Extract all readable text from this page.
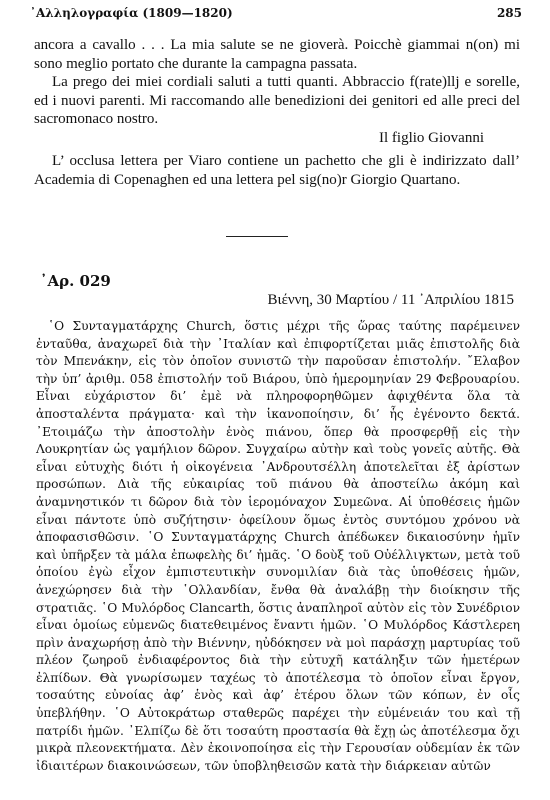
᾿Αλληλογραφία (1809—1820)	285

ancora a cavallo . . . La mia salute se ne gioverà. Poicchè giammai n(on) mi sono meglio portato che durante la campagna passata.

La prego dei miei cordiali saluti a tutti quanti. Abbraccio f(rate)llj e sorelle, ed i nuovi parenti. Mi raccomando alle benedizioni dei genitori ed alle preci del sacromonaco nostro.

Il figlio Giovanni

L’ occlusa lettera per Viaro contiene un pachetto che gli è indirizzato dall’ Academia di Copenaghen ed una lettera pel sig(no)r Giorgio Quartano.

᾿Αρ. 029
Βιέννη, 30 Μαρτίου / 11 ᾿Απριλίου 1815

῾Ο Συνταγματάρχης Church, ὅστις μέχρι τῆς ὥρας ταύτης παρέμεινεν ἐνταῦθα, ἀναχωρεῖ διὰ τὴν ᾿Ιταλίαν καὶ ἐπιφορτίζεται μιᾶς ἐπιστολῆς διὰ τὸν Μπενάκην, εἰς τὸν ὁποῖον συνιστῶ τὴν παροῦσαν ἐπιστολήν. ῎Ελαβον τὴν ὑπ’ ἀριθμ. 058 ἐπιστολήν τοῦ Βιάρου, ὑπὸ ἡμερομηνίαν 29 Φεβρουαρίου. Εἶναι εὐχάριστον δι’ ἐμὲ νὰ πληροφορηθῶμεν ἀφιχθέντα ὅλα τὰ ἀποσταλέντα πράγματα· καὶ τὴν ἱκανοποίησιν, δι’ ἧς ἐγένοντο δεκτά. ᾿Ετοιμάζω τὴν ἀποστολὴν ἑνὸς πιάνου, ὅπερ θὰ προσφερθῇ εἰς τὴν Λουκρητίαν ὡς γαμήλιον δῶρον. Συγχαίρω αὐτὴν καὶ τοὺς γονεῖς αὐτῆς. Θὰ εἶναι εὐτυχὴς διότι ἡ οἰκογένεια ᾿Ανδρουτσέλλη ἀποτελεῖται ἐξ ἀρίστων προσώπων. Διὰ τῆς εὐκαιρίας τοῦ πιάνου θὰ ἀποστείλω ἀκόμη καὶ ἀναμνηστικόν τι δῶρον διὰ τὸν ἱερομόναχον Συμεῶνα. Αἱ ὑποθέσεις ἡμῶν εἶναι πάντοτε ὑπὸ συζήτησιν· ὀφείλουν ὅμως ἐντὸς συντόμου χρόνου νὰ ἀποφασισθῶσιν. ῾Ο Συνταγματάρχης Church ἀπέδωκεν δικαιοσύνην ἡμῖν καὶ ὑπῆρξεν τὰ μάλα ἐπωφελὴς δι’ ἡμᾶς. ῾Ο δοὺξ τοῦ Οὐέλλιγκτων, μετὰ τοῦ ὁποίου ἐγὼ εἶχον ἐμπιστευτικὴν συνομιλίαν διὰ τὰς ὑποθέσεις ἡμῶν, ἀνεχώρησεν διὰ τὴν ῾Ολλανδίαν, ἔνθα θὰ ἀναλάβῃ τὴν διοίκησιν τῆς στρατιᾶς. ῾Ο Μυλόρδος Clancarth, ὅστις ἀναπληροῖ αὐτὸν εἰς τὸν Συνέδριον εἶναι ὁμοίως εὐμενῶς διατεθειμένος ἔναντι ἡμῶν. ῾Ο Μυλόρδος Κάστλερεη πρὶν ἀναχωρήσῃ ἀπὸ τὴν Βιέννην, ηὐδόκησεν νὰ μοὶ παράσχῃ μαρτυρίας τοῦ πλέον ζωηροῦ ἐνδιαφέροντος διὰ τὴν εὐτυχῆ κατάληξιν τῶν ἡμετέρων ἐλπίδων. Θὰ γνωρίσωμεν ταχέως τὸ ἀποτέλεσμα τὸ ὁποῖον εἶναι ἔργον, τοσαύτης εὐνοίας ἀφ’ ἑνὸς καὶ ἀφ’ ἑτέρου ὅλων τῶν κόπων, ἐν οἷς ὑπεβλήθην. ῾Ο Αὐτοκράτωρ σταθερῶς παρέχει τὴν εὐμένειάν του καὶ τῇ πατρίδι ἡμῶν. ᾿Ελπίζω δὲ ὅτι τοσαύτη προστασία θὰ ἔχῃ ὡς ἀποτέλεσμα ὄχι μικρὰ πλεονεκτήματα. Δὲν ἐκοινοποίησα εἰς τὴν Γερουσίαν οὐδεμίαν ἐκ τῶν ἰδιαιτέρων διακοινώσεων, τῶν ὑποβληθεισῶν κατὰ τὴν διάρκειαν αὐτῶν
